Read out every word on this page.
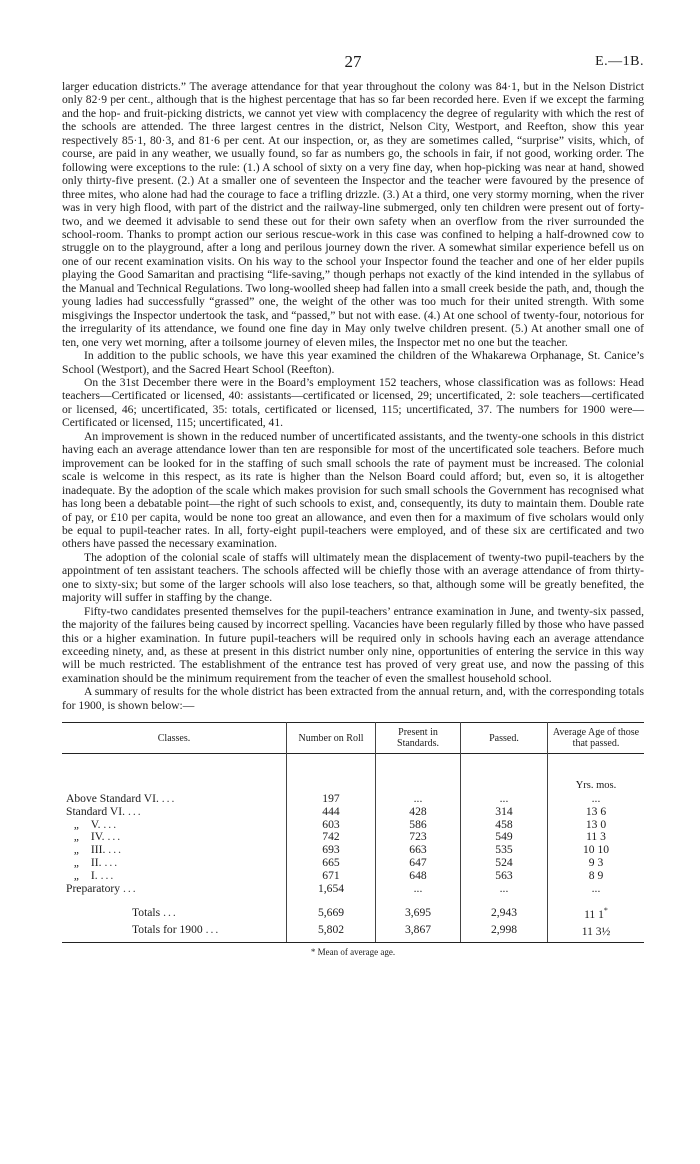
27	E.—1B.

larger education districts.” The average attendance for that year throughout the colony was 84·1, but in the Nelson District only 82·9 per cent., although that is the highest percentage that has so far been recorded here. Even if we except the farming and the hop- and fruit-picking districts, we cannot yet view with complacency the degree of regularity with which the rest of the schools are attended. The three largest centres in the district, Nelson City, Westport, and Reefton, show this year respectively 85·1, 80·3, and 81·6 per cent. At our inspection, or, as they are sometimes called, “surprise” visits, which, of course, are paid in any weather, we usually found, so far as numbers go, the schools in fair, if not good, working order. The following were exceptions to the rule: (1.) A school of sixty on a very fine day, when hop-picking was near at hand, showed only thirty-five present. (2.) At a smaller one of seventeen the Inspector and the teacher were favoured by the presence of three mites, who alone had had the courage to face a trifling drizzle. (3.) At a third, one very stormy morning, when the river was in very high flood, with part of the district and the railway-line submerged, only ten children were present out of forty-two, and we deemed it advisable to send these out for their own safety when an overflow from the river surrounded the school-room. Thanks to prompt action our serious rescue-work in this case was confined to helping a half-drowned cow to struggle on to the playground, after a long and perilous journey down the river. A somewhat similar experience befell us on one of our recent examination visits. On his way to the school your Inspector found the teacher and one of her elder pupils playing the Good Samaritan and practising “life-saving,” though perhaps not exactly of the kind intended in the syllabus of the Manual and Technical Regulations. Two long-woolled sheep had fallen into a small creek beside the path, and, though the young ladies had successfully “grassed” one, the weight of the other was too much for their united strength. With some misgivings the Inspector undertook the task, and “passed,” but not with ease. (4.) At one school of twenty-four, notorious for the irregularity of its attendance, we found one fine day in May only twelve children present. (5.) At another small one of ten, one very wet morning, after a toilsome journey of eleven miles, the Inspector met no one but the teacher.

In addition to the public schools, we have this year examined the children of the Whakarewa Orphanage, St. Canice’s School (Westport), and the Sacred Heart School (Reefton).

On the 31st December there were in the Board’s employment 152 teachers, whose classification was as follows: Head teachers—Certificated or licensed, 40: assistants—certificated or licensed, 29; uncertificated, 2: sole teachers—certificated or licensed, 46; uncertificated, 35: totals, certificated or licensed, 115; uncertificated, 37. The numbers for 1900 were—Certificated or licensed, 115; uncertificated, 41.

An improvement is shown in the reduced number of uncertificated assistants, and the twenty-one schools in this district having each an average attendance lower than ten are responsible for most of the uncertificated sole teachers. Before much improvement can be looked for in the staffing of such small schools the rate of payment must be increased. The colonial scale is welcome in this respect, as its rate is higher than the Nelson Board could afford; but, even so, it is altogether inadequate. By the adoption of the scale which makes provision for such small schools the Government has recognised what has long been a debatable point—the right of such schools to exist, and, consequently, its duty to maintain them. Double rate of pay, or £10 per capita, would be none too great an allowance, and even then for a maximum of five scholars would only be equal to pupil-teacher rates. In all, forty-eight pupil-teachers were employed, and of these six are certificated and two others have passed the necessary examination.

The adoption of the colonial scale of staffs will ultimately mean the displacement of twenty-two pupil-teachers by the appointment of ten assistant teachers. The schools affected will be chiefly those with an average attendance of from thirty-one to sixty-six; but some of the larger schools will also lose teachers, so that, although some will be greatly benefited, the majority will suffer in staffing by the change.

Fifty-two candidates presented themselves for the pupil-teachers’ entrance examination in June, and twenty-six passed, the majority of the failures being caused by incorrect spelling. Vacancies have been regularly filled by those who have passed this or a higher examination. In future pupil-teachers will be required only in schools having each an average attendance exceeding ninety, and, as these at present in this district number only nine, opportunities of entering the service in this way will be much restricted. The establishment of the entrance test has proved of very great use, and now the passing of this examination should be the minimum requirement from the teacher of even the smallest household school.

A summary of results for the whole district has been extracted from the annual return, and, with the corresponding totals for 1900, is shown below:—

Classes.	Number on Roll	Present in Standards.	Passed.	Average Age of those that passed.

				Yrs. mos.
Above Standard VI. ...	197	...	...	...
Standard VI. ...	444	428	314	13 6
„ V. ...	603	586	458	13 0
„ IV. ...	742	723	549	11 3
„ III. ...	693	663	535	10 10
„ II. ...	665	647	524	9 3
„ I. ...	671	648	563	8 9
Preparatory ...	1,654	...	...	...

Totals ...	5,669	3,695	2,943	11 1*
Totals for 1900 ...	5,802	3,867	2,998	11 3½
* Mean of average age.
